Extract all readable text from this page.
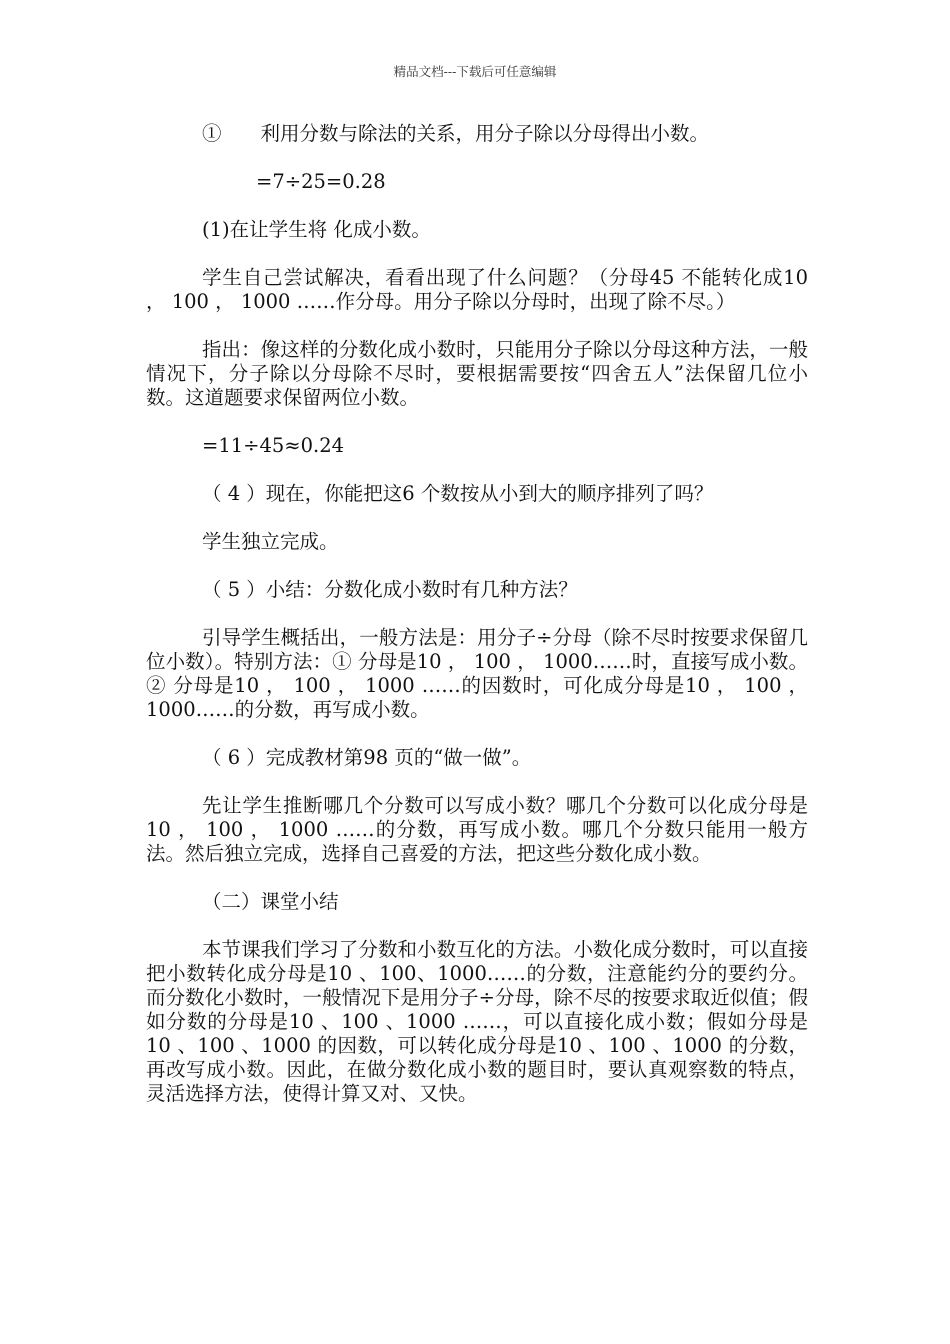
精品文档---下载后可任意编辑

①　　利用分数与除法的关系，用分子除以分母得出小数。

=7÷25=0.28

(1)在让学生将 化成小数。

学生自己尝试解决，看看出现了什么问题？（分母45 不能转化成10 ， 100 ， 1000 ……作分母。用分子除以分母时，出现了除不尽。）

指出：像这样的分数化成小数时，只能用分子除以分母这种方法，一般情况下，分子除以分母除不尽时，要根据需要按“四舍五人”法保留几位小数。这道题要求保留两位小数。

=11÷45≈0.24

（ 4 ）现在，你能把这6 个数按从小到大的顺序排列了吗？

学生独立完成。

（ 5 ）小结：分数化成小数时有几种方法？

引导学生概括出，一般方法是：用分子÷分母（除不尽时按要求保留几位小数）。特别方法：① 分母是10 ， 100 ， 1000……时，直接写成小数。② 分母是10 ， 100 ， 1000 ……的因数时，可化成分母是10 ， 100 ， 1000……的分数，再写成小数。

（ 6 ）完成教材第98 页的“做一做”。

先让学生推断哪几个分数可以写成小数？哪几个分数可以化成分母是10 ， 100 ， 1000 ……的分数，再写成小数。哪几个分数只能用一般方法。然后独立完成，选择自己喜爱的方法，把这些分数化成小数。

（二）课堂小结

本节课我们学习了分数和小数互化的方法。小数化成分数时，可以直接把小数转化成分母是10 、100、1000……的分数，注意能约分的要约分。而分数化小数时，一般情况下是用分子÷分母，除不尽的按要求取近似值；假如分数的分母是10 、100 、1000 ……，可以直接化成小数；假如分母是10 、100 、1000 的因数，可以转化成分母是10 、100 、1000 的分数，再改写成小数。因此，在做分数化成小数的题目时，要认真观察数的特点，灵活选择方法，使得计算又对、又快。
